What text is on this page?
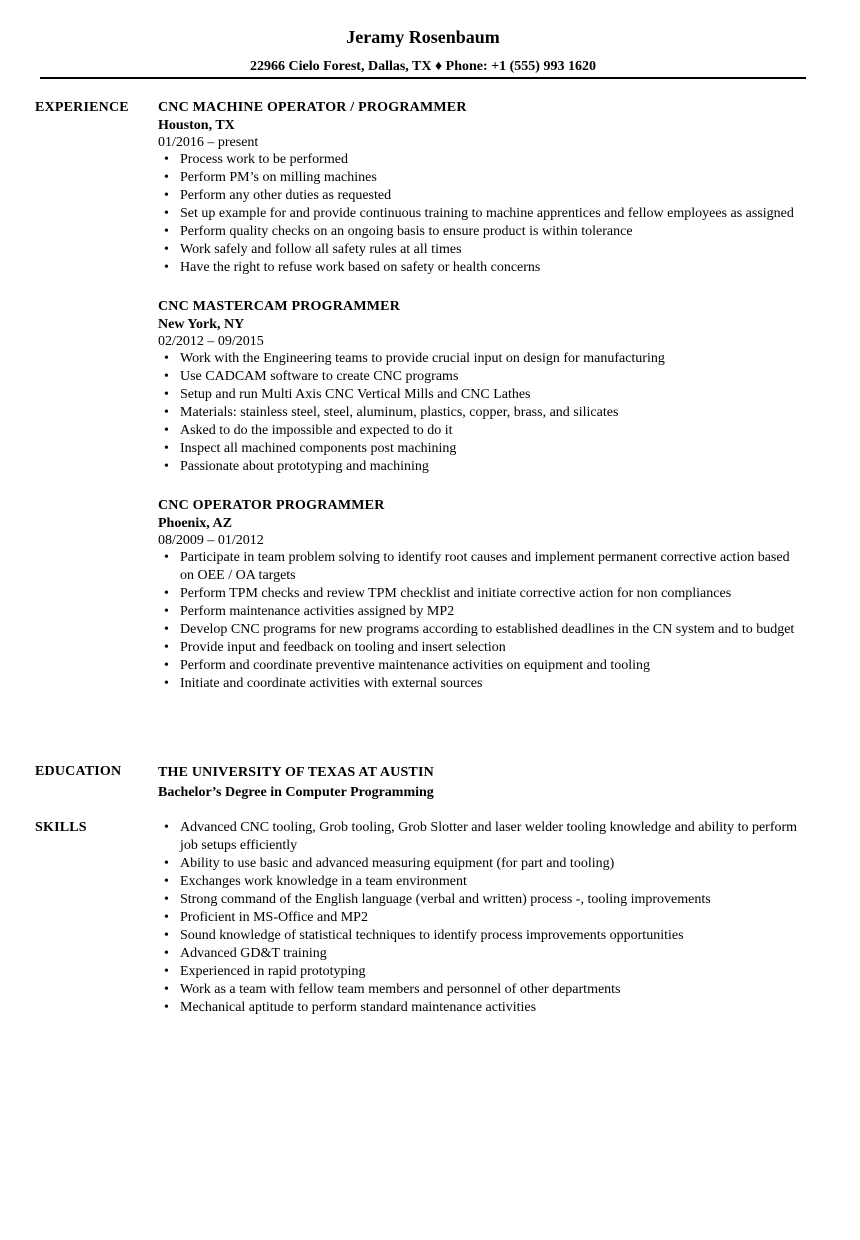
Jeramy Rosenbaum
22966 Cielo Forest, Dallas, TX ♦ Phone: +1 (555) 993 1620
EXPERIENCE	CNC MACHINE OPERATOR / PROGRAMMER
Houston, TX
01/2016 – present
• Process work to be performed
• Perform PM’s on milling machines
• Perform any other duties as requested
• Set up example for and provide continuous training to machine apprentices and fellow employees as assigned
• Perform quality checks on an ongoing basis to ensure product is within tolerance
• Work safely and follow all safety rules at all times
• Have the right to refuse work based on safety or health concerns
CNC MASTERCAM PROGRAMMER
New York, NY
02/2012 – 09/2015
• Work with the Engineering teams to provide crucial input on design for manufacturing
• Use CADCAM software to create CNC programs
• Setup and run Multi Axis CNC Vertical Mills and CNC Lathes
• Materials: stainless steel, steel, aluminum, plastics, copper, brass, and silicates
• Asked to do the impossible and expected to do it
• Inspect all machined components post machining
• Passionate about prototyping and machining
CNC OPERATOR PROGRAMMER
Phoenix, AZ
08/2009 – 01/2012
• Participate in team problem solving to identify root causes and implement permanent corrective action based on OEE / OA targets
• Perform TPM checks and review TPM checklist and initiate corrective action for non compliances
• Perform maintenance activities assigned by MP2
• Develop CNC programs for new programs according to established deadlines in the CN system and to budget
• Provide input and feedback on tooling and insert selection
• Perform and coordinate preventive maintenance activities on equipment and tooling
• Initiate and coordinate activities with external sources
EDUCATION	THE UNIVERSITY OF TEXAS AT AUSTIN
Bachelor’s Degree in Computer Programming
SKILLS
•	Advanced CNC tooling, Grob tooling, Grob Slotter and laser welder tooling knowledge and ability to perform job setups efficiently
• Ability to use basic and advanced measuring equipment (for part and tooling)
• Exchanges work knowledge in a team environment
• Strong command of the English language (verbal and written) process -, tooling improvements
• Proficient in MS-Office and MP2
• Sound knowledge of statistical techniques to identify process improvements opportunities
• Advanced GD&T training
• Experienced in rapid prototyping
• Work as a team with fellow team members and personnel of other departments
• Mechanical aptitude to perform standard maintenance activities
